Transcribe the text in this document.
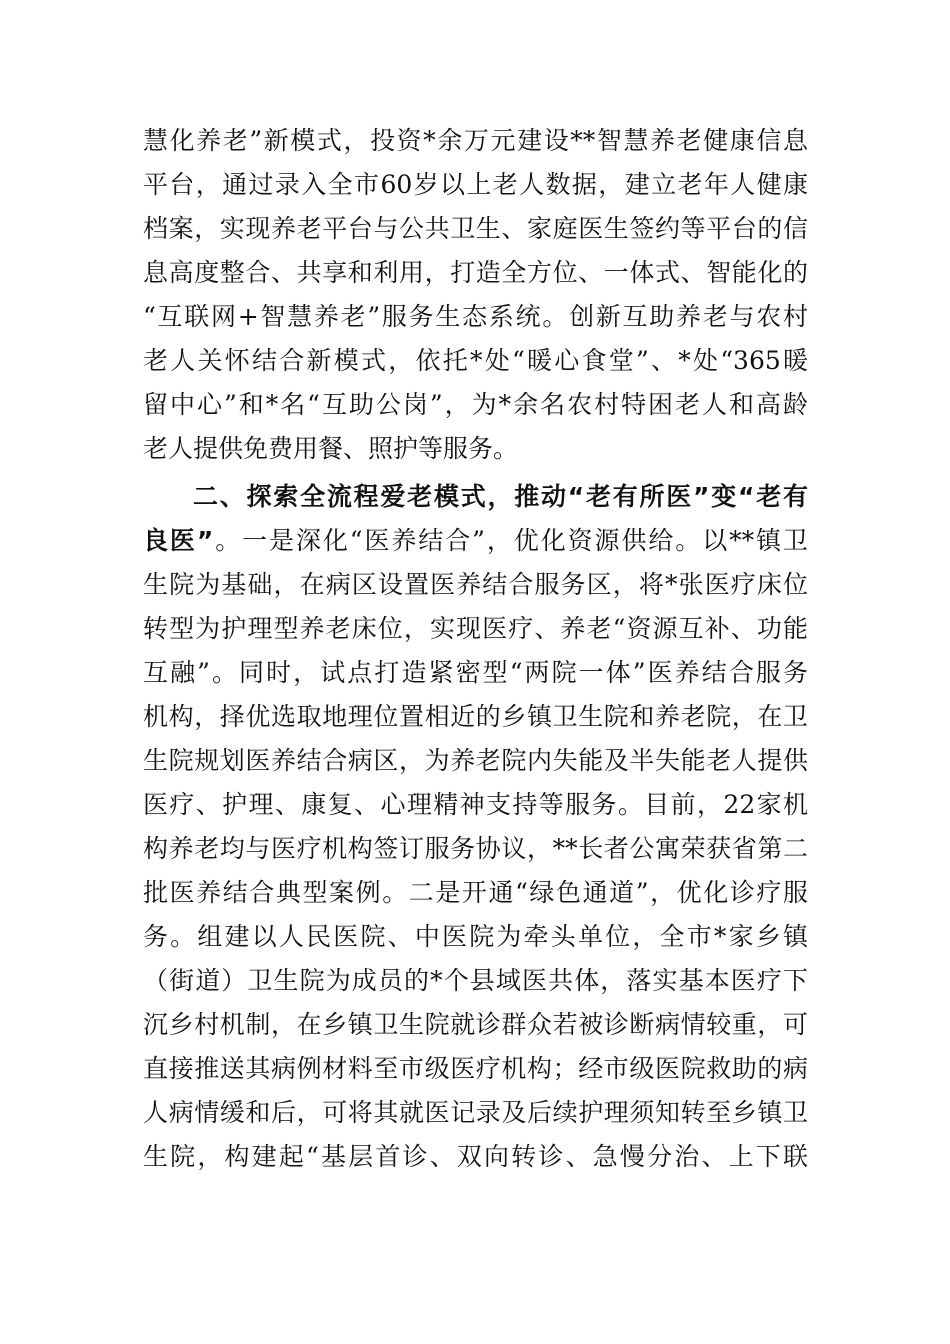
慧化养老”新模式，投资*余万元建设**智慧养老健康信息
平台，通过录入全市60岁以上老人数据，建立老年人健康
档案，实现养老平台与公共卫生、家庭医生签约等平台的信
息高度整合、共享和利用，打造全方位、一体式、智能化的
“互联网+智慧养老”服务生态系统。创新互助养老与农村
老人关怀结合新模式，依托*处“暖心食堂”、*处“365暖
留中心”和*名“互助公岗”，为*余名农村特困老人和高龄
老人提供免费用餐、照护等服务。
二、探索全流程爱老模式，推动“老有所医”变“老有
良医”。一是深化“医养结合”，优化资源供给。以**镇卫
生院为基础，在病区设置医养结合服务区，将*张医疗床位
转型为护理型养老床位，实现医疗、养老“资源互补、功能
互融”。同时，试点打造紧密型“两院一体”医养结合服务
机构，择优选取地理位置相近的乡镇卫生院和养老院，在卫
生院规划医养结合病区，为养老院内失能及半失能老人提供
医疗、护理、康复、心理精神支持等服务。目前，22家机
构养老均与医疗机构签订服务协议，**长者公寓荣获省第二
批医养结合典型案例。二是开通“绿色通道”，优化诊疗服
务。组建以人民医院、中医院为牵头单位，全市*家乡镇
（街道）卫生院为成员的*个县域医共体，落实基本医疗下
沉乡村机制，在乡镇卫生院就诊群众若被诊断病情较重，可
直接推送其病例材料至市级医疗机构；经市级医院救助的病
人病情缓和后，可将其就医记录及后续护理须知转至乡镇卫
生院，构建起“基层首诊、双向转诊、急慢分治、上下联
